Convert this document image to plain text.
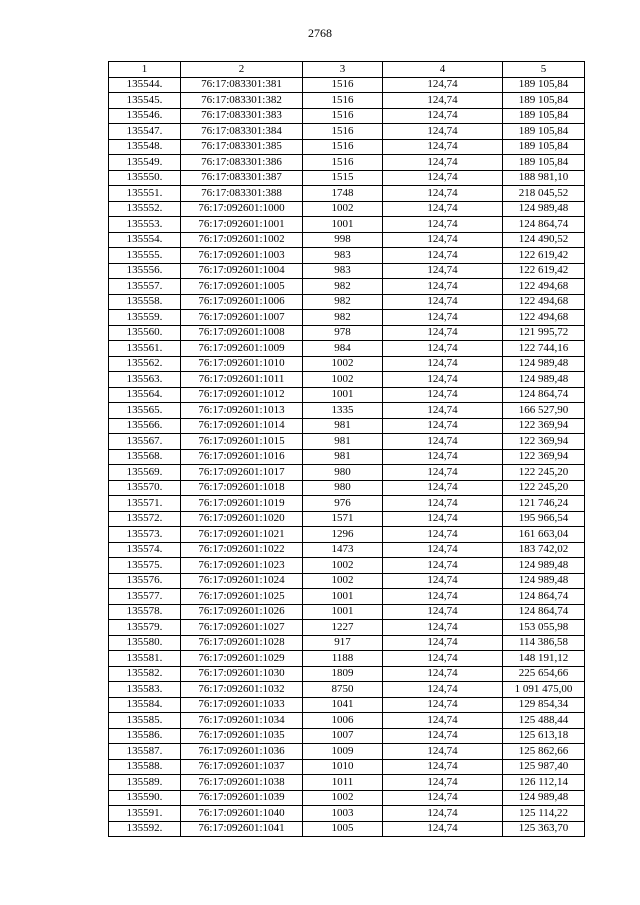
2768
1	2	3	4	5
135544.	76:17:083301:381	1516	124,74	189 105,84
135545.	76:17:083301:382	1516	124,74	189 105,84
135546.	76:17:083301:383	1516	124,74	189 105,84
135547.	76:17:083301:384	1516	124,74	189 105,84
135548.	76:17:083301:385	1516	124,74	189 105,84
135549.	76:17:083301:386	1516	124,74	189 105,84
135550.	76:17:083301:387	1515	124,74	188 981,10
135551.	76:17:083301:388	1748	124,74	218 045,52
135552.	76:17:092601:1000	1002	124,74	124 989,48
135553.	76:17:092601:1001	1001	124,74	124 864,74
135554.	76:17:092601:1002	998	124,74	124 490,52
135555.	76:17:092601:1003	983	124,74	122 619,42
135556.	76:17:092601:1004	983	124,74	122 619,42
135557.	76:17:092601:1005	982	124,74	122 494,68
135558.	76:17:092601:1006	982	124,74	122 494,68
135559.	76:17:092601:1007	982	124,74	122 494,68
135560.	76:17:092601:1008	978	124,74	121 995,72
135561.	76:17:092601:1009	984	124,74	122 744,16
135562.	76:17:092601:1010	1002	124,74	124 989,48
135563.	76:17:092601:1011	1002	124,74	124 989,48
135564.	76:17:092601:1012	1001	124,74	124 864,74
135565.	76:17:092601:1013	1335	124,74	166 527,90
135566.	76:17:092601:1014	981	124,74	122 369,94
135567.	76:17:092601:1015	981	124,74	122 369,94
135568.	76:17:092601:1016	981	124,74	122 369,94
135569.	76:17:092601:1017	980	124,74	122 245,20
135570.	76:17:092601:1018	980	124,74	122 245,20
135571.	76:17:092601:1019	976	124,74	121 746,24
135572.	76:17:092601:1020	1571	124,74	195 966,54
135573.	76:17:092601:1021	1296	124,74	161 663,04
135574.	76:17:092601:1022	1473	124,74	183 742,02
135575.	76:17:092601:1023	1002	124,74	124 989,48
135576.	76:17:092601:1024	1002	124,74	124 989,48
135577.	76:17:092601:1025	1001	124,74	124 864,74
135578.	76:17:092601:1026	1001	124,74	124 864,74
135579.	76:17:092601:1027	1227	124,74	153 055,98
135580.	76:17:092601:1028	917	124,74	114 386,58
135581.	76:17:092601:1029	1188	124,74	148 191,12
135582.	76:17:092601:1030	1809	124,74	225 654,66
135583.	76:17:092601:1032	8750	124,74	1 091 475,00
135584.	76:17:092601:1033	1041	124,74	129 854,34
135585.	76:17:092601:1034	1006	124,74	125 488,44
135586.	76:17:092601:1035	1007	124,74	125 613,18
135587.	76:17:092601:1036	1009	124,74	125 862,66
135588.	76:17:092601:1037	1010	124,74	125 987,40
135589.	76:17:092601:1038	1011	124,74	126 112,14
135590.	76:17:092601:1039	1002	124,74	124 989,48
135591.	76:17:092601:1040	1003	124,74	125 114,22
135592.	76:17:092601:1041	1005	124,74	125 363,70
